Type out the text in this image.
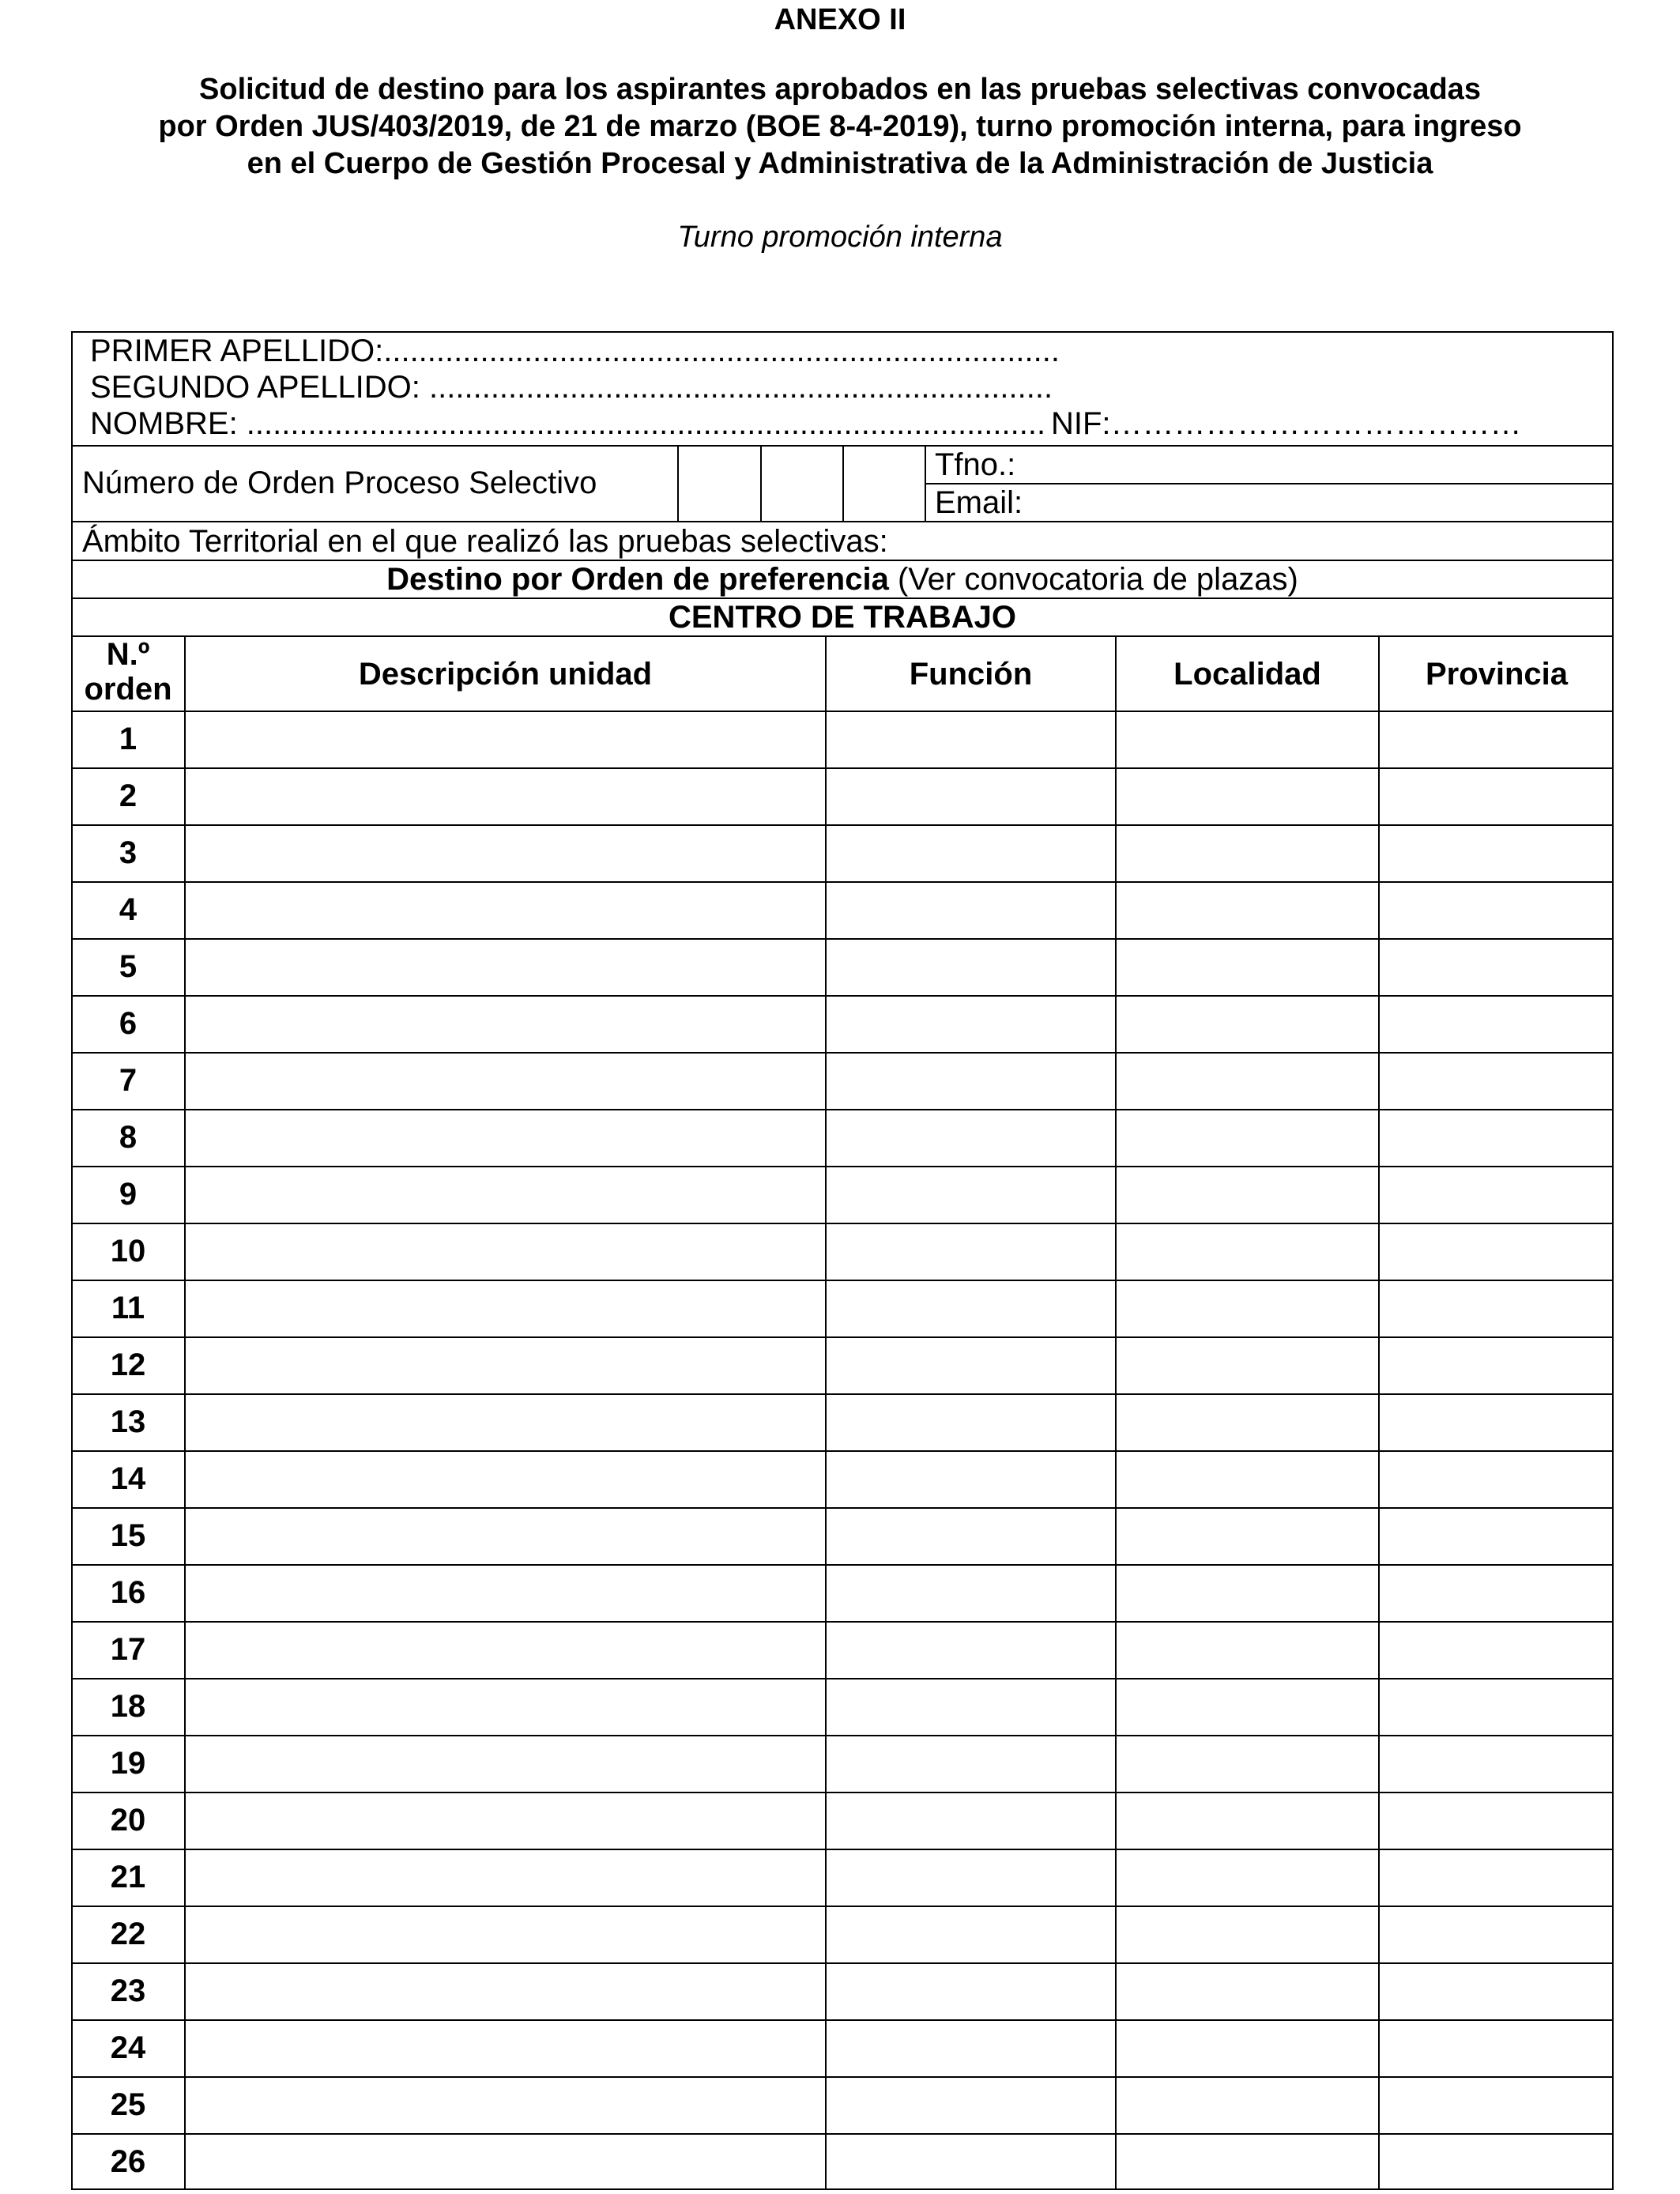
ANEXO II
Solicitud de destino para los aspirantes aprobados en las pruebas selectivas convocadas
por Orden JUS/403/2019, de 21 de marzo (BOE 8-4-2019), turno promoción interna, para ingreso
en el Cuerpo de Gestión Procesal y Administrativa de la Administración de Justicia
Turno promoción interna
PRIMER APELLIDO:.............................................................................
SEGUNDO APELLIDO: .......................................................................
NOMBRE: ........................................................................................... NIF:…………………………………
Número de Orden Proceso Selectivo
Tfno.:
Email:
Ámbito Territorial en el que realizó las pruebas selectivas:
Destino por Orden de preferencia (Ver convocatoria de plazas)
CENTRO DE TRABAJO
N.º
orden	Descripción unidad	Función	Localidad	Provincia
1
2
3
4
5
6
7
8
9
10
11
12
13
14
15
16
17
18
19
20
21
22
23
24
25
26
